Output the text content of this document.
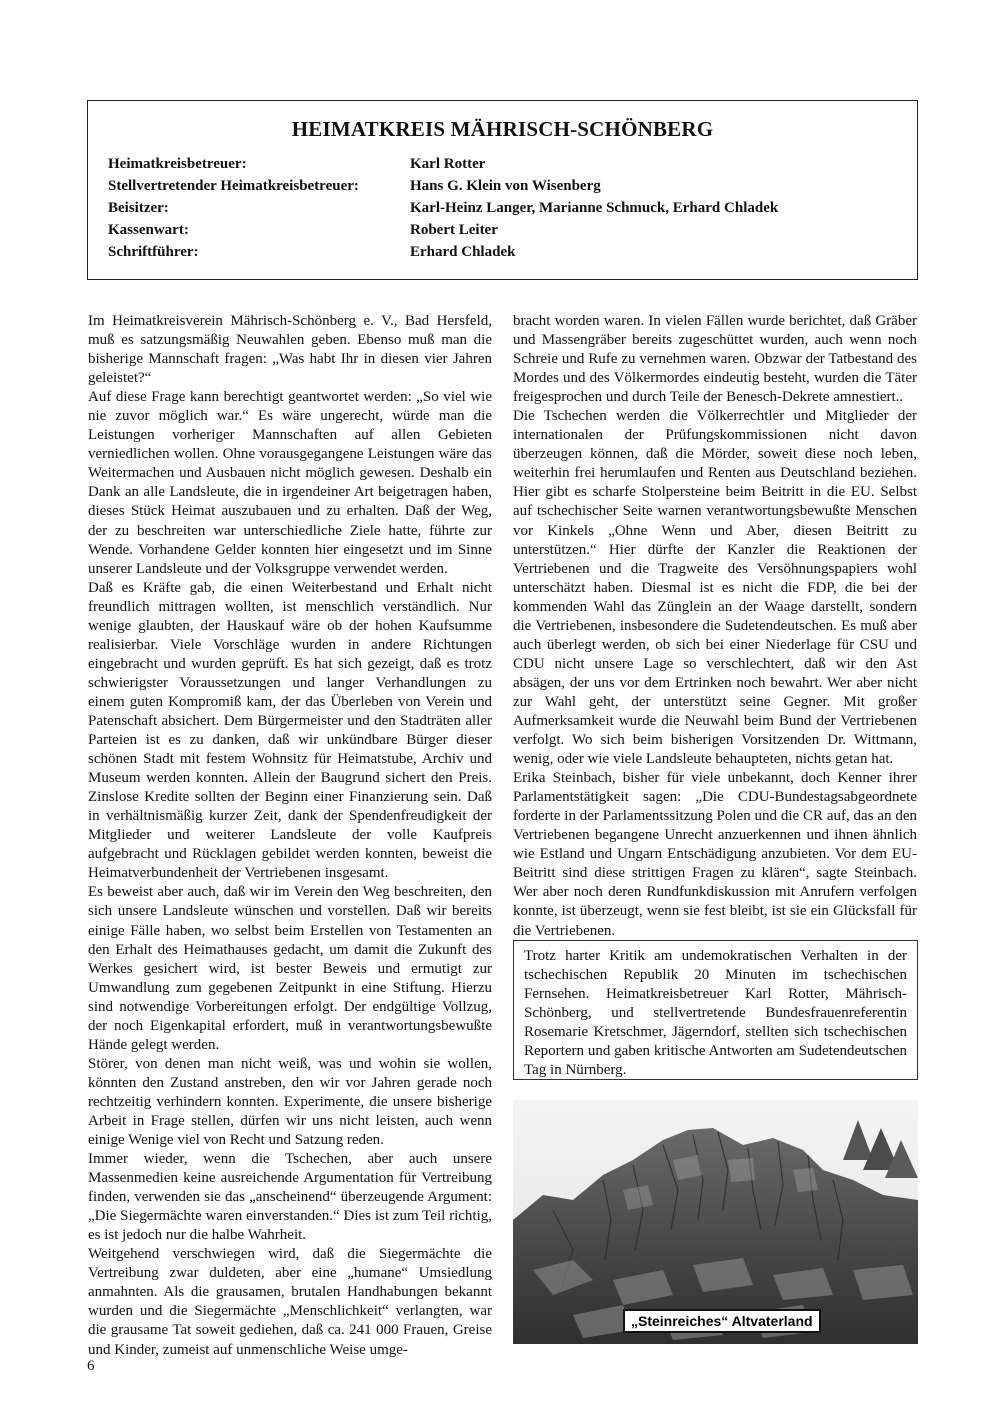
HEIMATKREIS MÄHRISCH-SCHÖNBERG
Heimatkreisbetreuer:	Karl Rotter
Stellvertretender Heimatkreisbetreuer:	Hans G. Klein von Wisenberg
Beisitzer:	Karl-Heinz Langer, Marianne Schmuck, Erhard Chladek
Kassenwart:	Robert Leiter
Schriftführer:	Erhard Chladek

Im Heimatkreisverein Mährisch-Schönberg e. V., Bad Hersfeld, muß es satzungsmäßig Neuwahlen geben. Ebenso muß man die bisherige Mannschaft fragen: „Was habt Ihr in diesen vier Jahren geleistet?“

Auf diese Frage kann berechtigt geantwortet werden: „So viel wie nie zuvor möglich war.“ Es wäre ungerecht, würde man die Leistungen vorheriger Mannschaften auf allen Gebieten verniedlichen wollen. Ohne vorausgegangene Leistungen wäre das Weitermachen und Ausbauen nicht möglich gewesen. Deshalb ein Dank an alle Landsleute, die in irgendeiner Art beigetragen haben, dieses Stück Heimat auszubauen und zu erhalten. Daß der Weg, der zu beschreiten war unterschiedliche Ziele hatte, führte zur Wende. Vorhandene Gelder konnten hier eingesetzt und im Sinne unserer Landsleute und der Volksgruppe verwendet werden.

Daß es Kräfte gab, die einen Weiterbestand und Erhalt nicht freundlich mittragen wollten, ist menschlich verständlich. Nur wenige glaubten, der Hauskauf wäre ob der hohen Kaufsumme realisierbar. Viele Vorschläge wurden in andere Richtungen eingebracht und wurden geprüft. Es hat sich gezeigt, daß es trotz schwierigster Voraussetzungen und langer Verhandlungen zu einem guten Kompromiß kam, der das Überleben von Verein und Patenschaft absichert. Dem Bürgermeister und den Stadträten aller Parteien ist es zu danken, daß wir unkündbare Bürger dieser schönen Stadt mit festem Wohnsitz für Heimatstube, Archiv und Museum werden konnten. Allein der Baugrund sichert den Preis. Zinslose Kredite sollten der Beginn einer Finanzierung sein. Daß in verhältnismäßig kurzer Zeit, dank der Spendenfreudigkeit der Mitglieder und weiterer Landsleute der volle Kaufpreis aufgebracht und Rücklagen gebildet werden konnten, beweist die Heimatverbundenheit der Vertriebenen insgesamt.

Es beweist aber auch, daß wir im Verein den Weg beschreiten, den sich unsere Landsleute wünschen und vorstellen. Daß wir bereits einige Fälle haben, wo selbst beim Erstellen von Testamenten an den Erhalt des Heimathauses gedacht, um damit die Zukunft des Werkes gesichert wird, ist bester Beweis und ermutigt zur Umwandlung zum gegebenen Zeitpunkt in eine Stiftung. Hierzu sind notwendige Vorbereitungen erfolgt. Der endgültige Vollzug, der noch Eigenkapital erfordert, muß in verantwortungsbewußte Hände gelegt werden.

Störer, von denen man nicht weiß, was und wohin sie wollen, könnten den Zustand anstreben, den wir vor Jahren gerade noch rechtzeitig verhindern konnten. Experimente, die unsere bisherige Arbeit in Frage stellen, dürfen wir uns nicht leisten, auch wenn einige Wenige viel von Recht und Satzung reden.

Immer wieder, wenn die Tschechen, aber auch unsere Massenmedien keine ausreichende Argumentation für Vertreibung finden, verwenden sie das „anscheinend“ überzeugende Argument: „Die Siegermächte waren einverstanden.“ Dies ist zum Teil richtig, es ist jedoch nur die halbe Wahrheit.

Weitgehend verschwiegen wird, daß die Siegermächte die Vertreibung zwar duldeten, aber eine „humane“ Umsiedlung anmahnten. Als die grausamen, brutalen Handhabungen bekannt wurden und die Siegermächte „Menschlichkeit“ verlangten, war die grausame Tat soweit gediehen, daß ca. 241 000 Frauen, Greise und Kinder, zumeist auf unmenschliche Weise umge-

bracht worden waren. In vielen Fällen wurde berichtet, daß Gräber und Massengräber bereits zugeschüttet wurden, auch wenn noch Schreie und Rufe zu vernehmen waren. Obzwar der Tatbestand des Mordes und des Völkermordes eindeutig besteht, wurden die Täter freigesprochen und durch Teile der Benesch-Dekrete amnestiert..

Die Tschechen werden die Völkerrechtler und Mitglieder der internationalen der Prüfungskommissionen nicht davon überzeugen können, daß die Mörder, soweit diese noch leben, weiterhin frei herumlaufen und Renten aus Deutschland beziehen. Hier gibt es scharfe Stolpersteine beim Beitritt in die EU. Selbst auf tschechischer Seite warnen verantwortungsbewußte Menschen vor Kinkels „Ohne Wenn und Aber, diesen Beitritt zu unterstützen.“ Hier dürfte der Kanzler die Reaktionen der Vertriebenen und die Tragweite des Versöhnungspapiers wohl unterschätzt haben. Diesmal ist es nicht die FDP, die bei der kommenden Wahl das Zünglein an der Waage darstellt, sondern die Vertriebenen, insbesondere die Sudetendeutschen. Es muß aber auch überlegt werden, ob sich bei einer Niederlage für CSU und CDU nicht unsere Lage so verschlechtert, daß wir den Ast absägen, der uns vor dem Ertrinken noch bewahrt. Wer aber nicht zur Wahl geht, der unterstützt seine Gegner. Mit großer Aufmerksamkeit wurde die Neuwahl beim Bund der Vertriebenen verfolgt. Wo sich beim bisherigen Vorsitzenden Dr. Wittmann, wenig, oder wie viele Landsleute behaupteten, nichts getan hat.

Erika Steinbach, bisher für viele unbekannt, doch Kenner ihrer Parlamentstätigkeit sagen: „Die CDU-Bundestagsabgeordnete forderte in der Parlamentssitzung Polen und die CR auf, das an den Vertriebenen begangene Unrecht anzuerkennen und ihnen ähnlich wie Estland und Ungarn Entschädigung anzubieten. Vor dem EU-Beitritt sind diese strittigen Fragen zu klären“, sagte Steinbach. Wer aber noch deren Rundfunkdiskussion mit Anrufern verfolgen konnte, ist überzeugt, wenn sie fest bleibt, ist sie ein Glücksfall für die Vertriebenen.

Trotz harter Kritik am undemokratischen Verhalten in der tschechischen Republik 20 Minuten im tschechischen Fernsehen. Heimatkreisbetreuer Karl Rotter, Mährisch-Schönberg, und stellvertretende Bundesfrauenreferentin Rosemarie Kretschmer, Jägerndorf, stellten sich tschechischen Reportern und gaben kritische Antworten am Sudetendeutschen Tag in Nürnberg.
„Steinreiches“ Altvaterland
6
